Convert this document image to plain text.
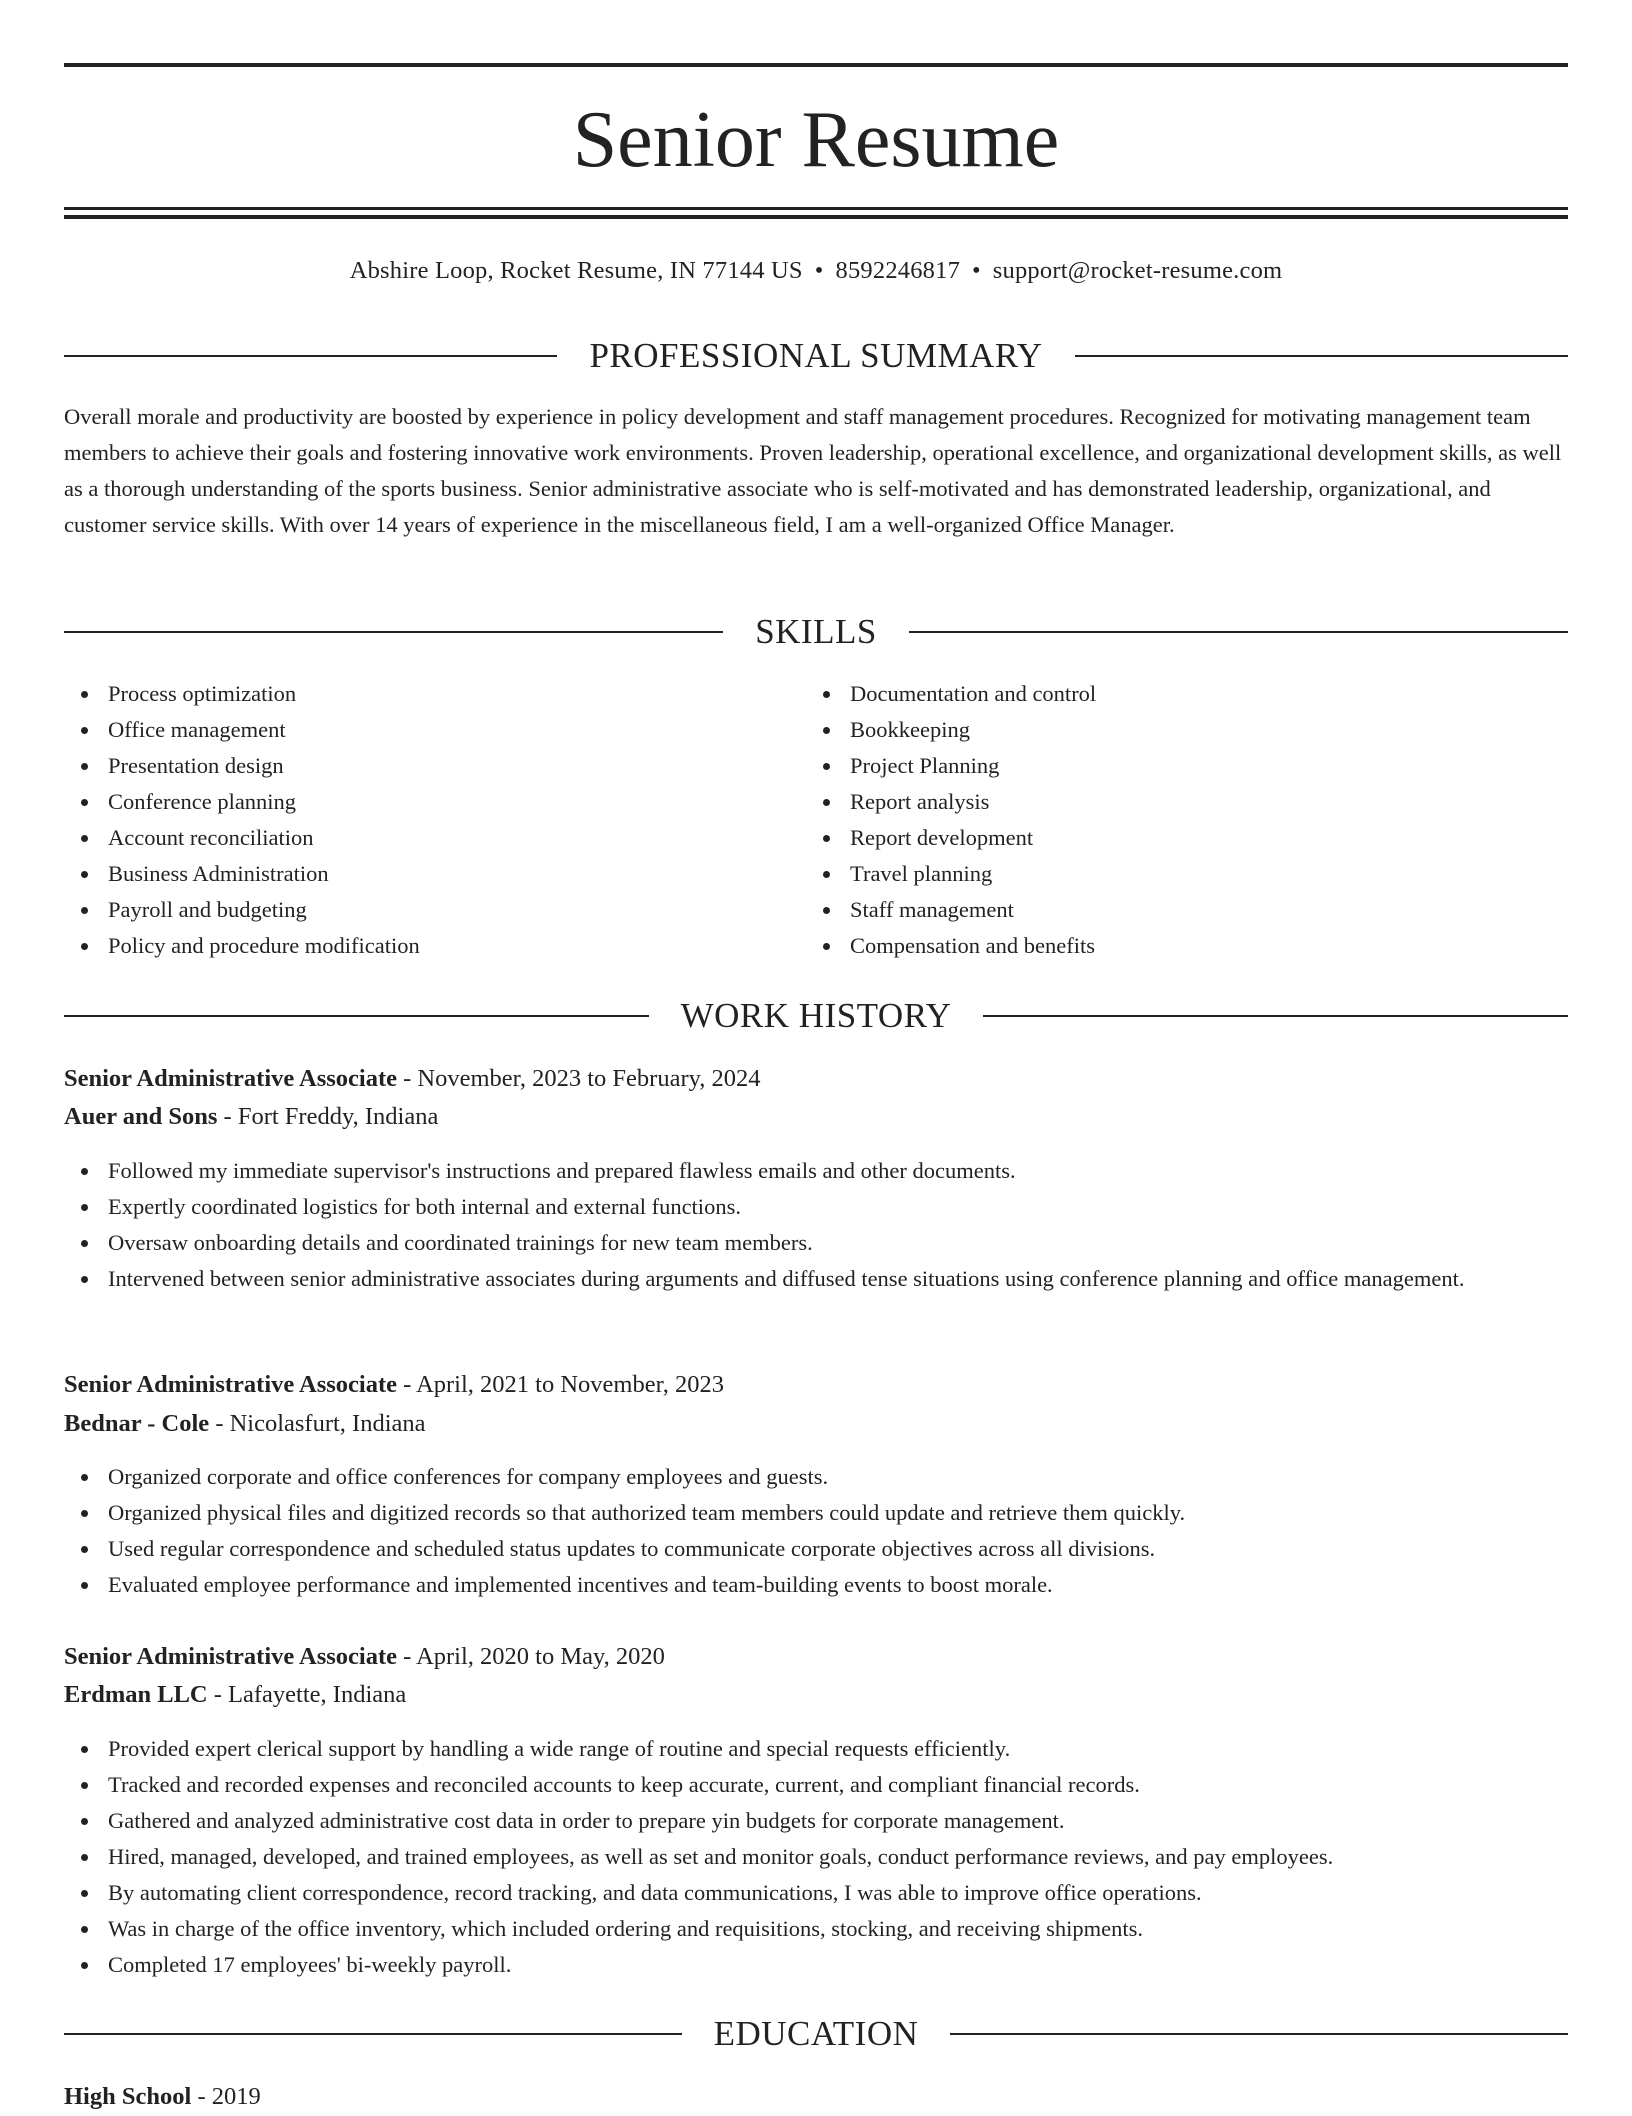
Senior Resume
Abshire Loop, Rocket Resume, IN 77144 US • 8592246817 • support@rocket-resume.com
PROFESSIONAL SUMMARY

Overall morale and productivity are boosted by experience in policy development and staff management procedures. Recognized for motivating management team members to achieve their goals and fostering innovative work environments. Proven leadership, operational excellence, and organizational development skills, as well as a thorough understanding of the sports business. Senior administrative associate who is self-motivated and has demonstrated leadership, organizational, and customer service skills. With over 14 years of experience in the miscellaneous field, I am a well-organized Office Manager.

SKILLS
Process optimization
Office management
Presentation design
Conference planning
Account reconciliation
Business Administration
Payroll and budgeting
Policy and procedure modification
Documentation and control
Bookkeeping
Project Planning
Report analysis
Report development
Travel planning
Staff management
Compensation and benefits
WORK HISTORY
Senior Administrative Associate - November, 2023 to February, 2024
Auer and Sons - Fort Freddy, Indiana
Followed my immediate supervisor's instructions and prepared flawless emails and other documents.
Expertly coordinated logistics for both internal and external functions.
Oversaw onboarding details and coordinated trainings for new team members.
Intervened between senior administrative associates during arguments and diffused tense situations using conference planning and office management.
Senior Administrative Associate - April, 2021 to November, 2023
Bednar - Cole - Nicolasfurt, Indiana
Organized corporate and office conferences for company employees and guests.
Organized physical files and digitized records so that authorized team members could update and retrieve them quickly.
Used regular correspondence and scheduled status updates to communicate corporate objectives across all divisions.
Evaluated employee performance and implemented incentives and team-building events to boost morale.
Senior Administrative Associate - April, 2020 to May, 2020
Erdman LLC - Lafayette, Indiana
Provided expert clerical support by handling a wide range of routine and special requests efficiently.
Tracked and recorded expenses and reconciled accounts to keep accurate, current, and compliant financial records.
Gathered and analyzed administrative cost data in order to prepare yin budgets for corporate management.
Hired, managed, developed, and trained employees, as well as set and monitor goals, conduct performance reviews, and pay employees.
By automating client correspondence, record tracking, and data communications, I was able to improve office operations.
Was in charge of the office inventory, which included ordering and requisitions, stocking, and receiving shipments.
Completed 17 employees' bi-weekly payroll.
EDUCATION
High School - 2019
